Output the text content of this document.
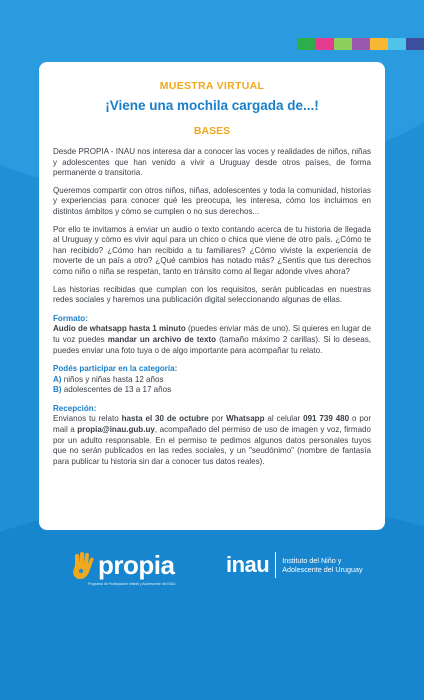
MUESTRA VIRTUAL
¡Viene una mochila cargada de...!
BASES

Desde PROPIA - INAU nos interesa dar a conocer las voces y realidades de niños, niñas y adolescentes que han venido a vivir a Uruguay desde otros países, de forma permanente o transitoria.

Queremos compartir con otros niños, niñas, adolescentes y toda la comunidad, historias y experiencias para conocer qué les preocupa, les interesa, cómo los incluimos en distintos ámbitos y cómo se cumplen o no sus derechos...

Por ello te invitamos a enviar un audio o texto contando acerca de tu historia de llegada al Uruguay y cómo es vivir aquí para un chico o chica que viene de otro país. ¿Cómo te han recibido? ¿Cómo han recibido a tu familiares? ¿Cómo viviste la experiencia de moverte de un país a otro? ¿Qué cambios has notado más? ¿Sentís que tus derechos como niño o niña se respetan, tanto en tránsito como al llegar adonde vives ahora?

Las historias recibidas que cumplan con los requisitos, serán publicadas en nuestras redes sociales y haremos una publicación digital seleccionando algunas de ellas.

Formato:

Audio de whatsapp hasta 1 minuto (puedes enviar más de uno). Si quieres en lugar de tu voz puedes mandar un archivo de texto (tamaño máximo 2 carillas). Si lo deseas, puedes enviar una foto tuya o de algo importante para acompañar tu relato.

Podés participar en la categoría:

A) niños y niñas hasta 12 años

B) adolescentes de 13 a 17 años

Recepción:

Envianos tu relato hasta el 30 de octubre por Whatsapp al celular 091 739 480 o por mail a propia@inau.gub.uy, acompañado del permiso de uso de imagen y voz, firmado por un adulto responsable. En el permiso te pedimos algunos datos personales tuyos que no serán publicados en las redes sociales, y un "seudónimo" (nombre de fantasía para publicar tu historia sin dar a conocer tus datos reales).

propia
Programa de Participación Infantil y Adolescente del INAU
inau Instituto del Niño y
Adolescente del Uruguay
